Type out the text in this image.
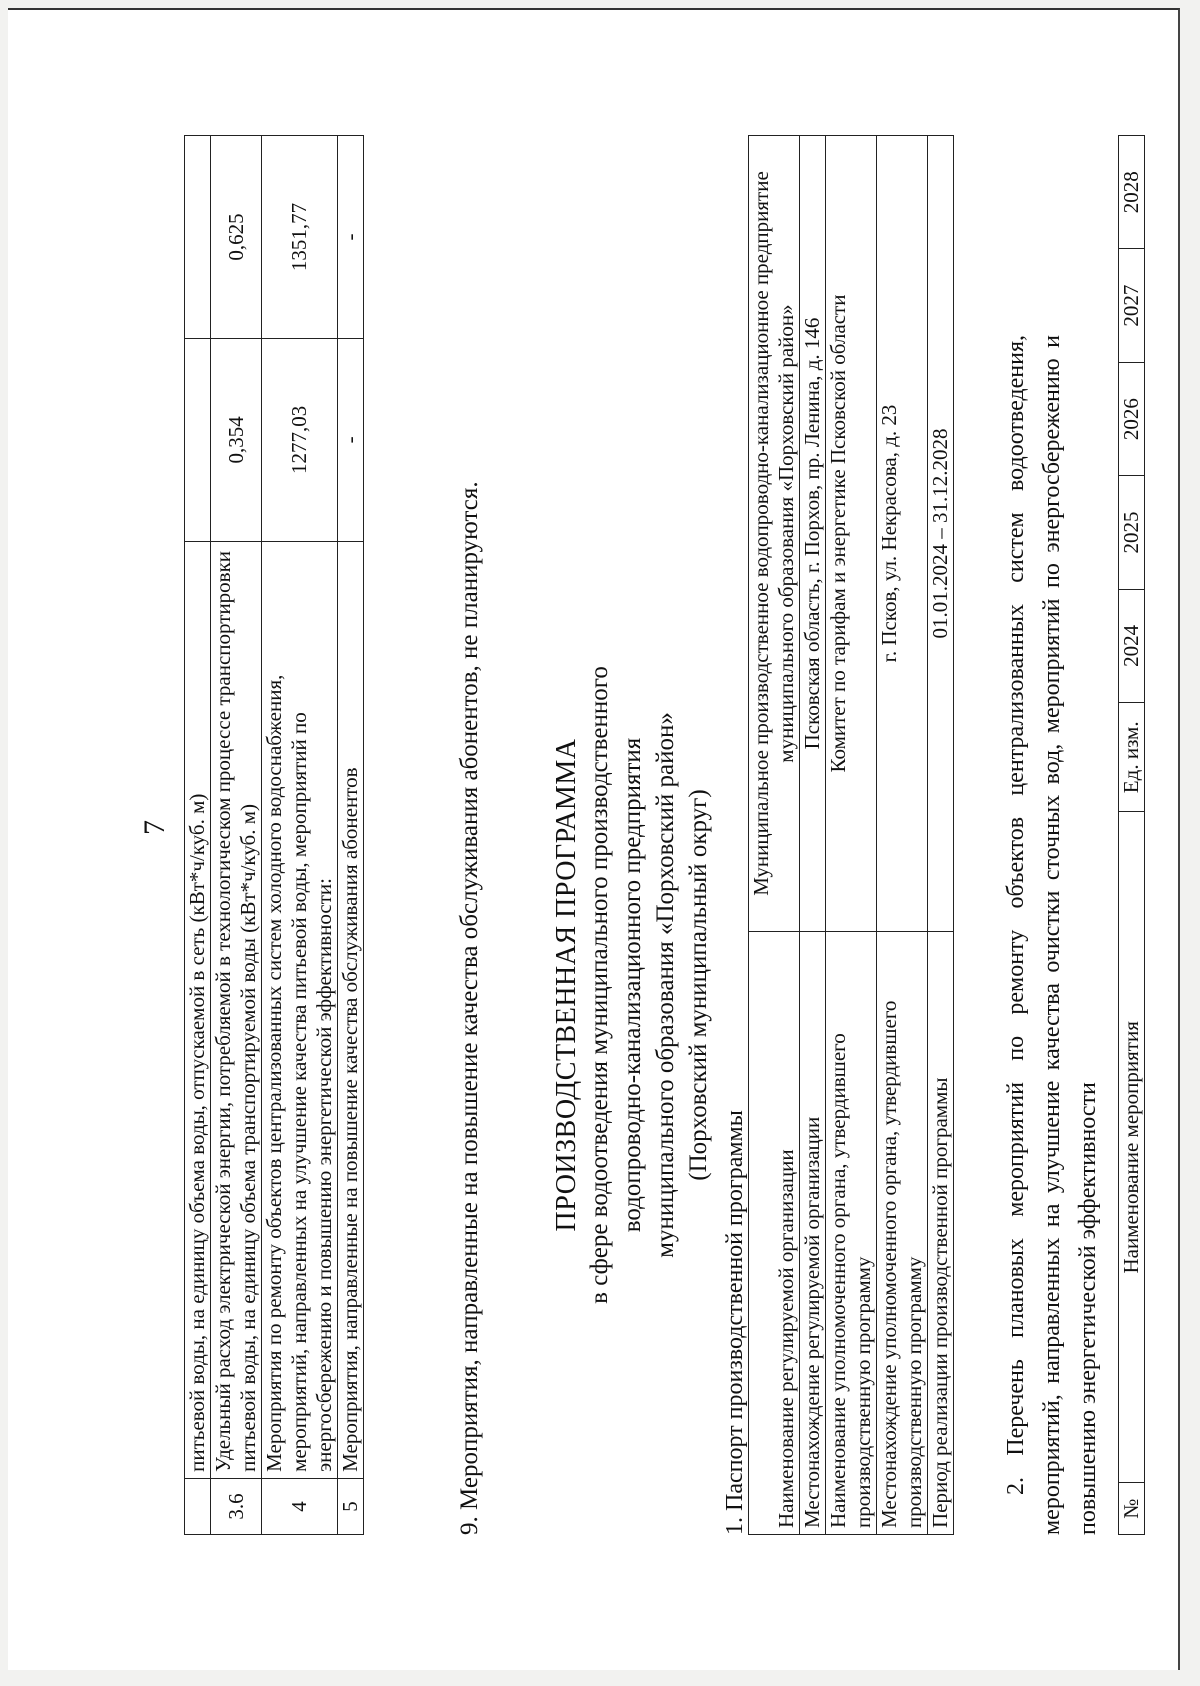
7
	питьевой воды, на единицу объема воды, отпускаемой в сеть (кВт*ч/куб. м)		
3.6	Удельный расход электрической энергии, потребляемой в технологическом процессе транспортировки питьевой воды, на единицу объема транспортируемой воды (кВт*ч/куб. м)	0,354	0,625
4	Мероприятия по ремонту объектов централизованных систем холодного водоснабжения, мероприятий, направленных на улучшение качества питьевой воды, мероприятий по энергосбережению и повышению энергетической эффективности:	1277,03	1351,77
5	Мероприятия, направленные на повышение качества обслуживания абонентов	-	-
9. Мероприятия, направленные на повышение качества обслуживания абонентов, не планируются. ПРОИЗВОДСТВЕННАЯ ПРОГРАММА в сфере водоотведения муниципального производственного водопроводно-канализационного предприятия муниципального образования «Порховский район» (Порховский муниципальный округ)
1. Паспорт производственной программы Наименование регулируемой организации	Муниципальное производственное водопроводно-канализационное предприятие муниципального образования «Порховский район»
Местонахождение регулируемой организации	Псковская область, г. Порхов, пр. Ленина, д. 146
Наименование уполномоченного органа, утвердившего производственную программу	Комитет по тарифам и энергетике Псковской области
Местонахождение уполномоченного органа, утвердившего производственную программу	г. Псков, ул. Некрасова, д. 23
Период реализации производственной программы	01.01.2024 – 31.12.2028 2. Перечень плановых мероприятий по ремонту объектов централизованных систем водоотведения, мероприятий, направленных на улучшение качества очистки сточных вод, мероприятий по энергосбережению и повышению энергетической эффективности №	Наименование мероприятия	Ед. изм.	2024	2025	2026	2027	2028
